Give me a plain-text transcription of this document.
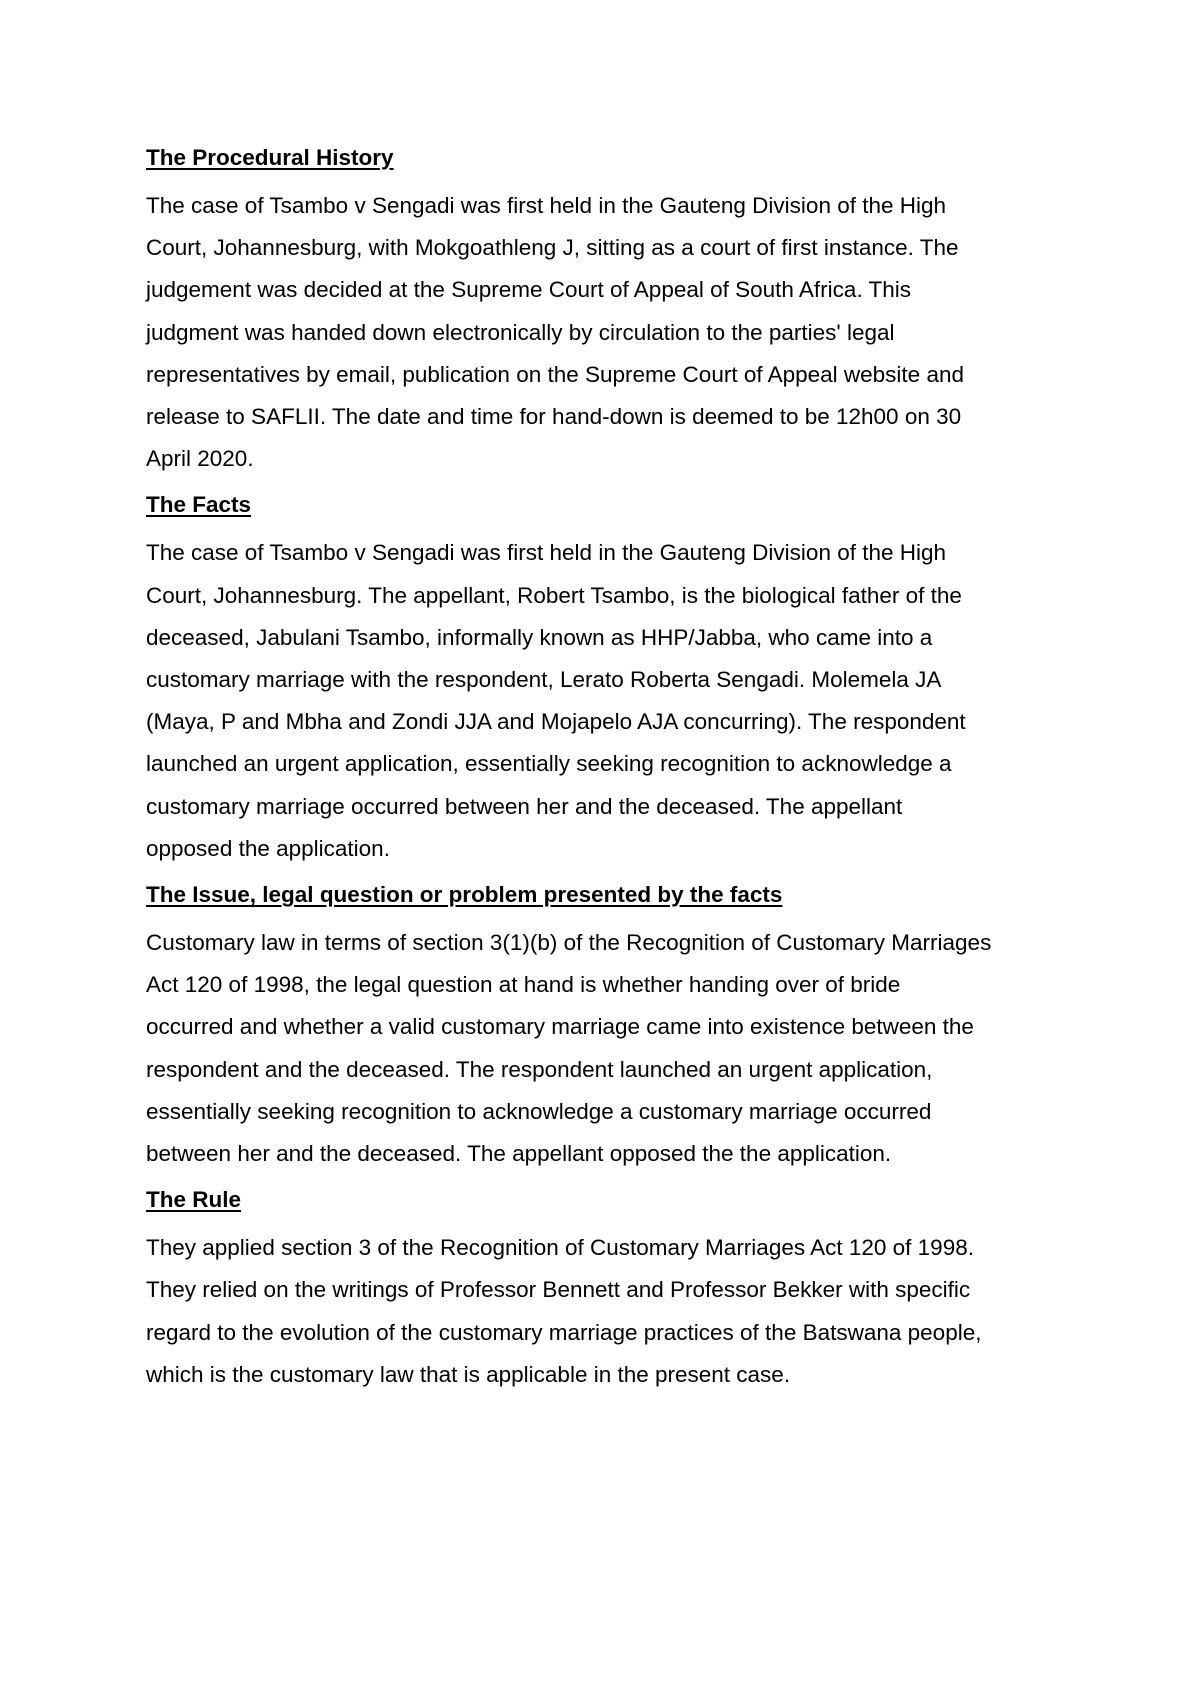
The Procedural History
The case of Tsambo v Sengadi was first held in the Gauteng Division of the High
Court, Johannesburg, with Mokgoathleng J, sitting as a court of first instance. The
judgement was decided at the Supreme Court of Appeal of South Africa. This
judgment was handed down electronically by circulation to the parties' legal
representatives by email, publication on the Supreme Court of Appeal website and
release to SAFLII. The date and time for hand-down is deemed to be 12h00 on 30
April 2020.
The Facts
The case of Tsambo v Sengadi was first held in the Gauteng Division of the High
Court, Johannesburg. The appellant, Robert Tsambo, is the biological father of the
deceased, Jabulani Tsambo, informally known as HHP/Jabba, who came into a
customary marriage with the respondent, Lerato Roberta Sengadi. Molemela JA
(Maya, P and Mbha and Zondi JJA and Mojapelo AJA concurring). The respondent
launched an urgent application, essentially seeking recognition to acknowledge a
customary marriage occurred between her and the deceased. The appellant
opposed the application.
The Issue, legal question or problem presented by the facts
Customary law in terms of section 3(1)(b) of the Recognition of Customary Marriages
Act 120 of 1998, the legal question at hand is whether handing over of bride
occurred and whether a valid customary marriage came into existence between the
respondent and the deceased. The respondent launched an urgent application,
essentially seeking recognition to acknowledge a customary marriage occurred
between her and the deceased. The appellant opposed the the application.
The Rule
They applied section 3 of the Recognition of Customary Marriages Act 120 of 1998.
They relied on the writings of Professor Bennett and Professor Bekker with specific
regard to the evolution of the customary marriage practices of the Batswana people,
which is the customary law that is applicable in the present case.
